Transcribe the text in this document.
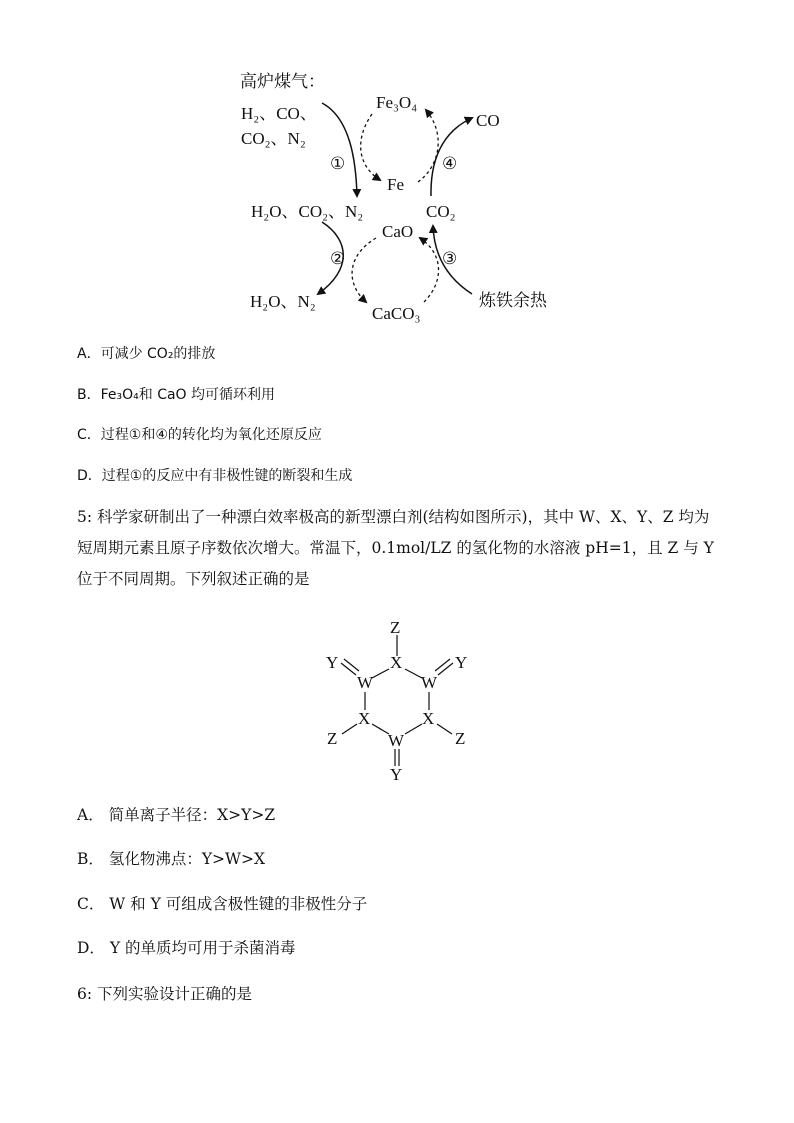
高炉煤气：
H₂、CO、
CO₂、N₂
Fe₃O₄
CO
①	④
Fe
H₂O、CO₂、N₂	CO₂
CaO
②	③
H₂O、N₂	炼铁余热
CaCO₃
A．可减少 CO₂的排放
B．Fe₃O₄和 CaO 均可循环利用
C．过程①和④的转化均为氧化还原反应
D．过程①的反应中有非极性键的断裂和生成
5: 科学家研制出了一种漂白效率极高的新型漂白剂(结构如图所示)，其中 W、X、Y、Z 均为
短周期元素且原子序数依次增大。常温下，0.1mol/LZ 的氢化物的水溶液 pH=1，且 Z 与 Y
位于不同周期。下列叙述正确的是
Z
X
Y	Y
W	W
X	X
Z	Z
W
Y
A． 简单离子半径：X>Y>Z
B． 氢化物沸点：Y>W>X
C． W 和 Y 可组成含极性键的非极性分子
D． Y 的单质均可用于杀菌消毒
6: 下列实验设计正确的是
